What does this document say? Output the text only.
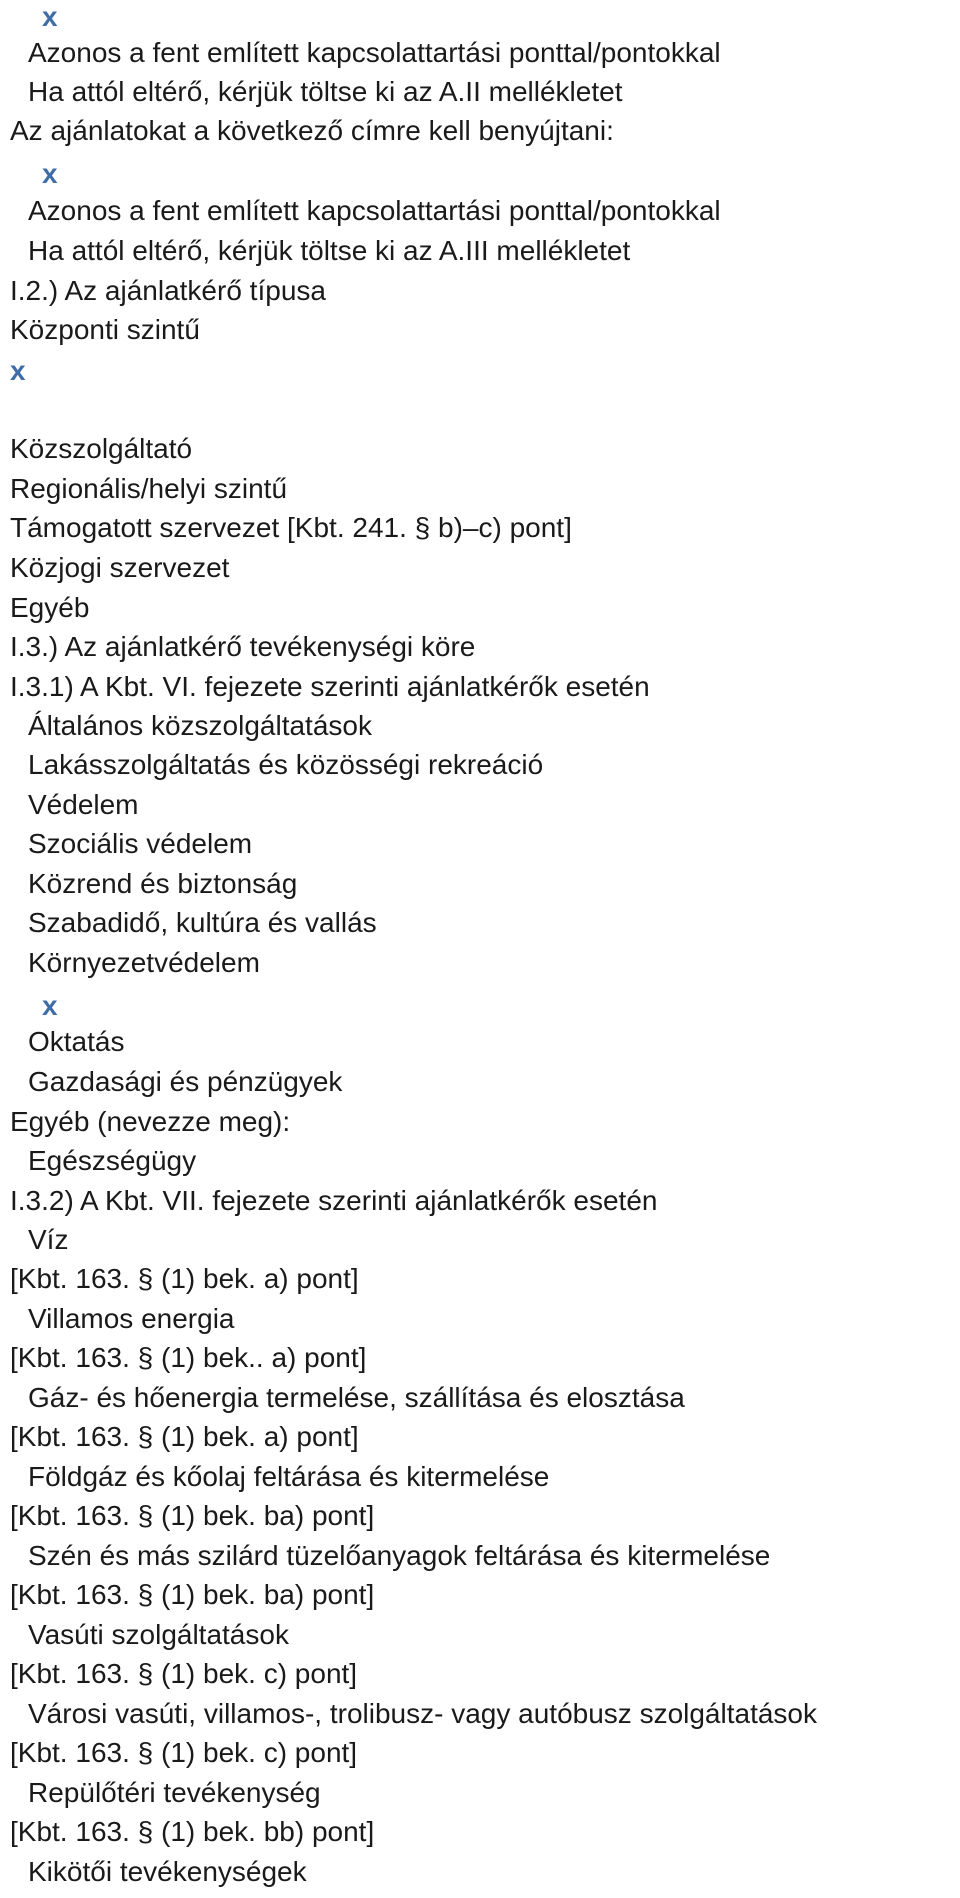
x
Azonos a fent említett kapcsolattartási ponttal/pontokkal
Ha attól eltérő, kérjük töltse ki az A.II mellékletet
Az ajánlatokat a következő címre kell benyújtani:
x
Azonos a fent említett kapcsolattartási ponttal/pontokkal
Ha attól eltérő, kérjük töltse ki az A.III mellékletet
I.2.) Az ajánlatkérő típusa
Központi szintű
x
Közszolgáltató
Regionális/helyi szintű
Támogatott szervezet [Kbt. 241. § b)–c) pont]
Közjogi szervezet
Egyéb
I.3.) Az ajánlatkérő tevékenységi köre
I.3.1) A Kbt. VI. fejezete szerinti ajánlatkérők esetén
Általános közszolgáltatások
Lakásszolgáltatás és közösségi rekreáció
Védelem
Szociális védelem
Közrend és biztonság
Szabadidő, kultúra és vallás
Környezetvédelem
x
Oktatás
Gazdasági és pénzügyek
Egyéb (nevezze meg):
Egészségügy
I.3.2) A Kbt. VII. fejezete szerinti ajánlatkérők esetén
Víz
[Kbt. 163. § (1) bek. a) pont]
Villamos energia
[Kbt. 163. § (1) bek.. a) pont]
Gáz- és hőenergia termelése, szállítása és elosztása
[Kbt. 163. § (1) bek. a) pont]
Földgáz és kőolaj feltárása és kitermelése
[Kbt. 163. § (1) bek. ba) pont]
Szén és más szilárd tüzelőanyagok feltárása és kitermelése
[Kbt. 163. § (1) bek. ba) pont]
Vasúti szolgáltatások
[Kbt. 163. § (1) bek. c) pont]
Városi vasúti, villamos-, trolibusz- vagy autóbusz szolgáltatások
[Kbt. 163. § (1) bek. c) pont]
Repülőtéri tevékenység
[Kbt. 163. § (1) bek. bb) pont]
Kikötői tevékenységek
